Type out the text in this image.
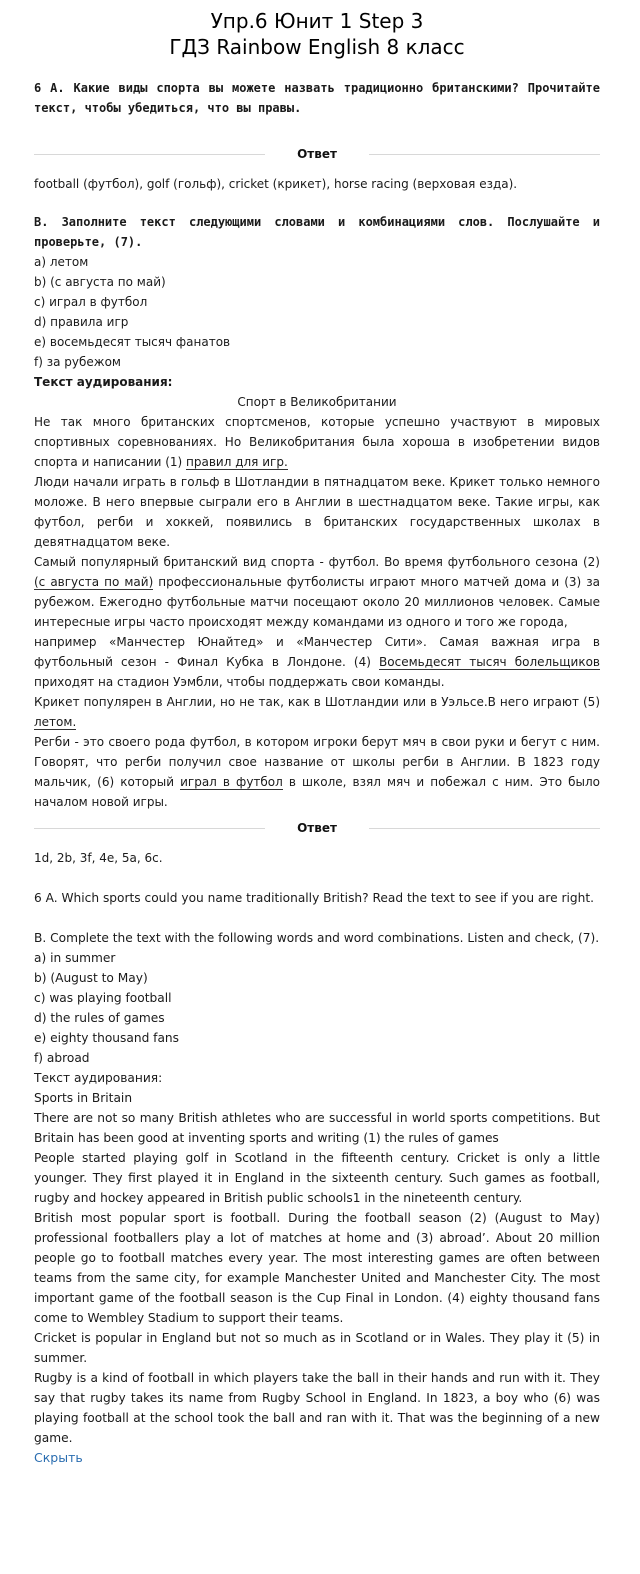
Упр.6 Юнит 1 Step 3
ГДЗ Rainbow English 8 класс

6 А. Какие виды спорта вы можете назвать традиционно британскими? Прочитайте текст, чтобы убедиться, что вы правы.

Ответ

football (футбол), golf (гольф), cricket (крикет), horse racing (верховая езда).

В. Заполните текст следующими словами и комбинациями слов. Послушайте и проверьте, (7).

а) летом
b) (с августа по май)
c) играл в футбол
d) правила игр
е) восемьдесят тысяч фанатов
f) за рубежом
Текст аудирования:
Спорт в Великобритании

Не так много британских спортсменов, которые успешно участвуют в мировых спортивных соревнованиях. Но Великобритания была хороша в изобретении видов спорта и написании (1) правил для игр.

Люди начали играть в гольф в Шотландии в пятнадцатом веке. Крикет только немного моложе. В него впервые сыграли его в Англии в шестнадцатом веке. Такие игры, как футбол, регби и хоккей, появились в британских государственных школах в девятнадцатом веке.

Самый популярный британский вид спорта - футбол. Во время футбольного сезона (2) (с августа по май) профессиональные футболисты играют много матчей дома и (3) за рубежом. Ежегодно футбольные матчи посещают около 20 миллионов человек. Самые интересные игры часто происходят между командами из одного и того же города,

например «Манчестер Юнайтед» и «Манчестер Сити». Самая важная игра в футбольный сезон - Финал Кубка в Лондоне. (4) Восемьдесят тысяч болельщиков приходят на стадион Уэмбли, чтобы поддержать свои команды.

Крикет популярен в Англии, но не так, как в Шотландии или в Уэльсе.В него играют (5) летом.

Регби - это своего рода футбол, в котором игроки берут мяч в свои руки и бегут с ним. Говорят, что регби получил свое название от школы регби в Англии. В 1823 году мальчик, (6) который играл в футбол в школе, взял мяч и побежал с ним. Это было началом новой игры.

Ответ

1d, 2b, 3f, 4e, 5a, 6c.

6 A. Which sports could you name traditionally British? Read the text to see if you are right.

B. Complete the text with the following words and word combinations. Listen and check, (7).

a) in summer
b) (August to May)
c) was playing football
d) the rules of games
e) eighty thousand fans
f) abroad
Текст аудирования:
Sports in Britain

There are not so many British athletes who are successful in world sports competitions. But Britain has been good at inventing sports and writing (1) the rules of games

People started playing golf in Scotland in the fifteenth century. Cricket is only a little younger. They first played it in England in the sixteenth century. Such games as football, rugby and hockey appeared in British public schools1 in the nineteenth century.

British most popular sport is football. During the football season (2) (August to May) professional footballers play a lot of matches at home and (3) abroad’. About 20 million people go to football matches every year. The most interesting games are often between teams from the same city, for example Manchester United and Manchester City. The most important game of the football season is the Cup Final in London. (4) eighty thousand fans come to Wembley Stadium to support their teams.

Cricket is popular in England but not so much as in Scotland or in Wales. They play it (5) in summer.

Rugby is a kind of football in which players take the ball in their hands and run with it. They say that rugby takes its name from Rugby School in England. In 1823, a boy who (6) was playing football at the school took the ball and ran with it. That was the beginning of a new game.

Скрыть
